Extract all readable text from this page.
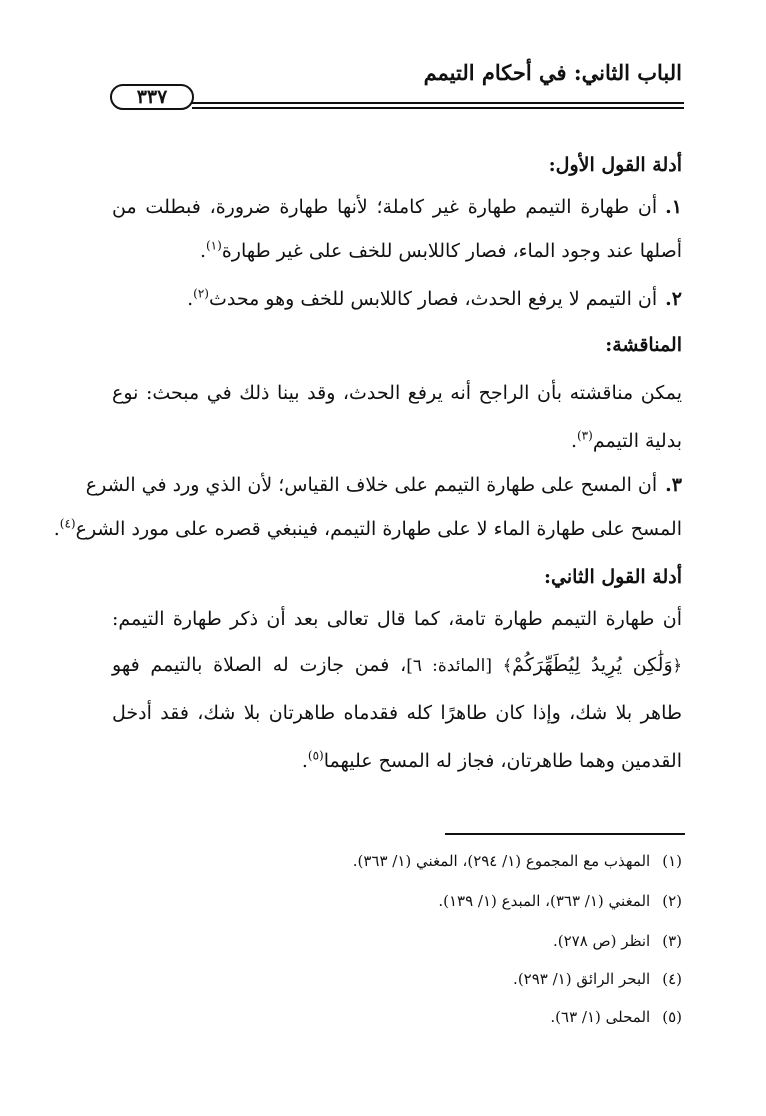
الباب الثاني: في أحكام التيمم
٣٣٧
أدلة القول الأول:
١.أن طهارة التيمم طهارة غير كاملة؛ لأنها طهارة ضرورة، فبطلت من
أصلها عند وجود الماء، فصار كاللابس للخف على غير طهارة$^{(١)}$.
٢.أن التيمم لا يرفع الحدث، فصار كاللابس للخف وهو محدث$^{(٢)}$.
المناقشة:
يمكن مناقشته بأن الراجح أنه يرفع الحدث، وقد بينا ذلك في مبحث: نوع
بدلية التيمم$^{(٣)}$.
٣.أن المسح على طهارة التيمم على خلاف القياس؛ لأن الذي ورد في الشرع
المسح على طهارة الماء لا على طهارة التيمم، فينبغي قصره على مورد الشرع$^{(٤)}$.
أدلة القول الثاني:
أن طهارة التيمم طهارة تامة، كما قال تعالى بعد أن ذكر طهارة التيمم:
﴿وَلَٰكِن يُرِيدُ لِيُطَهِّرَكُمْ﴾ [المائدة: ٦]، فمن جازت له الصلاة بالتيمم فهو
طاهر بلا شك، وإذا كان طاهرًا كله فقدماه طاهرتان بلا شك، فقد أدخل
القدمين وهما طاهرتان، فجاز له المسح عليهما$^{(٥)}$.
(١)المهذب مع المجموع (١/ ٢٩٤)، المغني (١/ ٣٦٣).
(٢)المغني (١/ ٣٦٣)، المبدع (١/ ١٣٩).
(٣)انظر (ص ٢٧٨).
(٤)البحر الرائق (١/ ٢٩٣).
(٥)المحلى (١/ ٦٣).
